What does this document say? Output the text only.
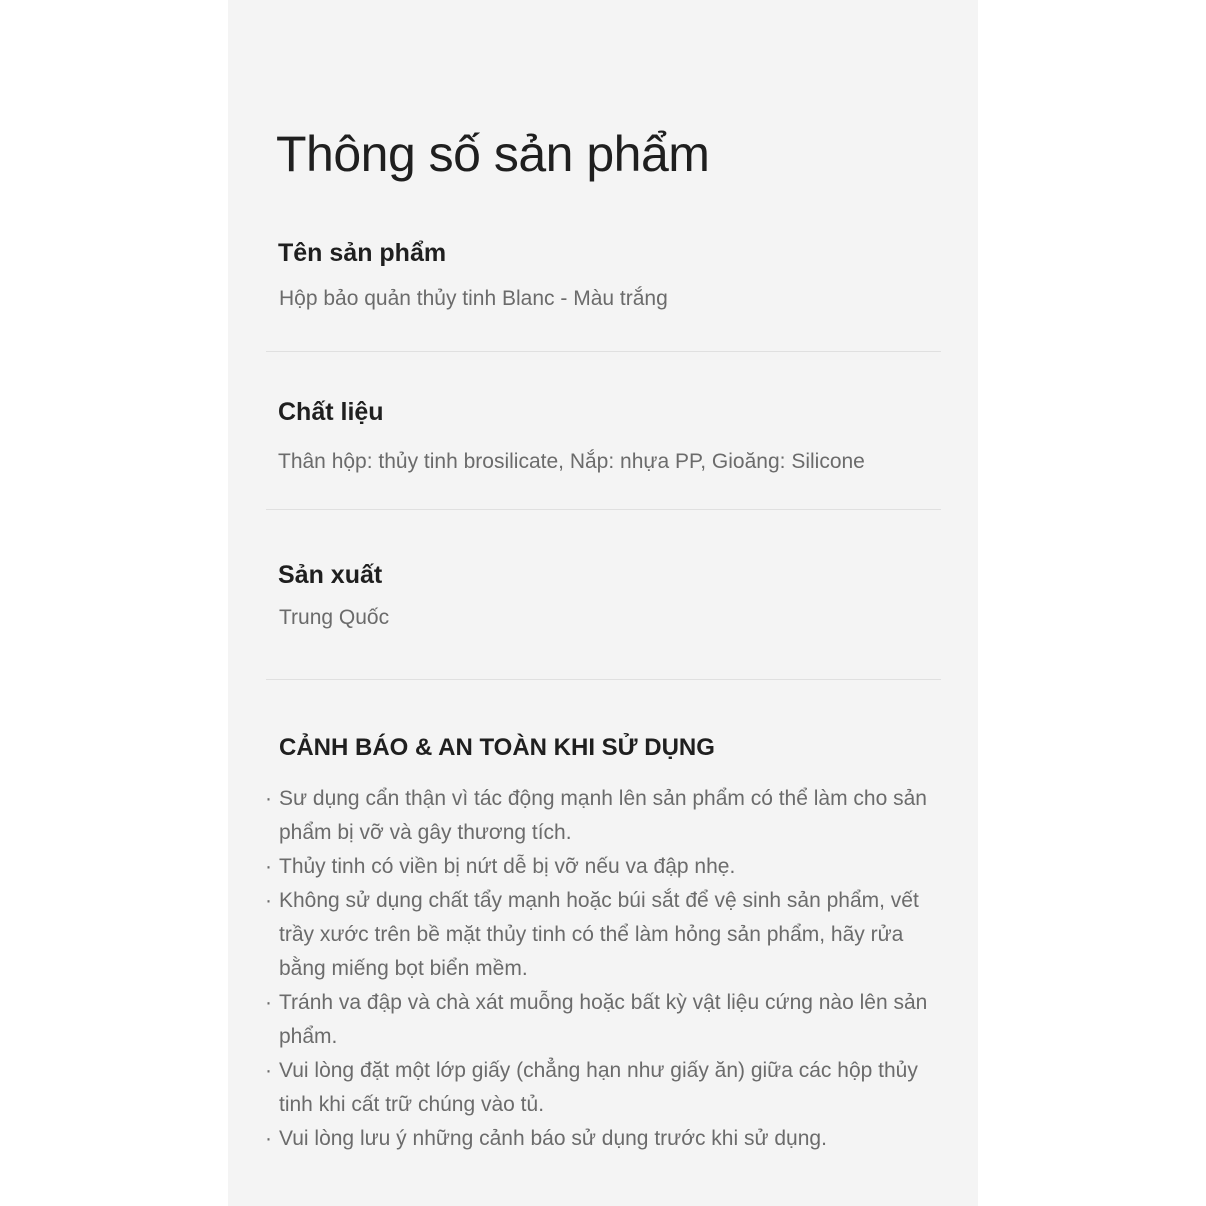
Thông số sản phẩm
Tên sản phẩm

Hộp bảo quản thủy tinh Blanc - Màu trắng

Chất liệu

Thân hộp: thủy tinh brosilicate, Nắp: nhựa PP, Gioăng: Silicone

Sản xuất

Trung Quốc

CẢNH BÁO & AN TOÀN KHI SỬ DỤNG
· Sư dụng cẩn thận vì tác động mạnh lên sản phẩm có thể làm cho sản phẩm bị vỡ và gây thương tích.
· Thủy tinh có viền bị nứt dễ bị vỡ nếu va đập nhẹ.
· Không sử dụng chất tẩy mạnh hoặc búi sắt để vệ sinh sản phẩm, vết trầy xước trên bề mặt thủy tinh có thể làm hỏng sản phẩm, hãy rửa bằng miếng bọt biển mềm.
· Tránh va đập và chà xát muỗng hoặc bất kỳ vật liệu cứng nào lên sản phẩm.
· Vui lòng đặt một lớp giấy (chẳng hạn như giấy ăn) giữa các hộp thủy tinh khi cất trữ chúng vào tủ.
· Vui lòng lưu ý những cảnh báo sử dụng trước khi sử dụng.
